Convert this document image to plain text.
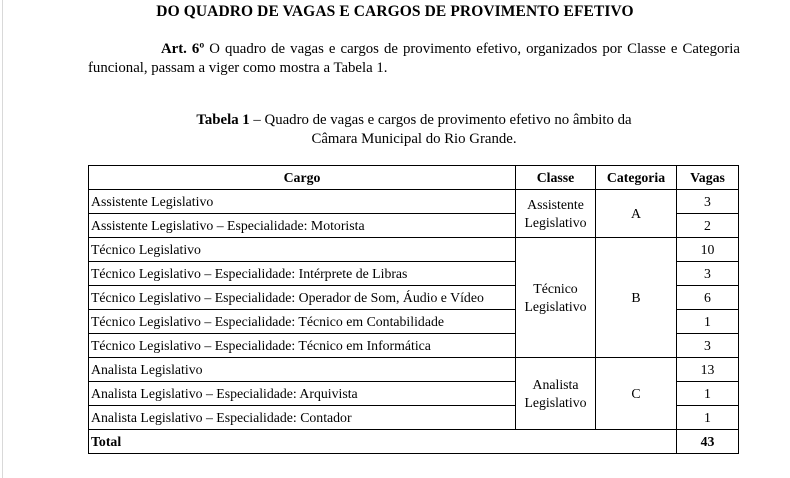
DO QUADRO DE VAGAS E CARGOS DE PROVIMENTO EFETIVO
Art. 6º O quadro de vagas e cargos de provimento efetivo, organizados por Classe e Categoria funcional, passam a viger como mostra a Tabela 1.
Tabela 1 – Quadro de vagas e cargos de provimento efetivo no âmbito da
Câmara Municipal do Rio Grande.
Cargo	Classe	Categoria	Vagas
Assistente Legislativo	Assistente Legislativo	A	3
Assistente Legislativo – Especialidade: Motorista			2
Técnico Legislativo	Técnico Legislativo	B	10
Técnico Legislativo – Especialidade: Intérprete de Libras			3
Técnico Legislativo – Especialidade: Operador de Som, Áudio e Vídeo			6
Técnico Legislativo – Especialidade: Técnico em Contabilidade			1
Técnico Legislativo – Especialidade: Técnico em Informática			3
Analista Legislativo	Analista Legislativo	C	13
Analista Legislativo – Especialidade: Arquivista			1
Analista Legislativo – Especialidade: Contador			1
Total			43
